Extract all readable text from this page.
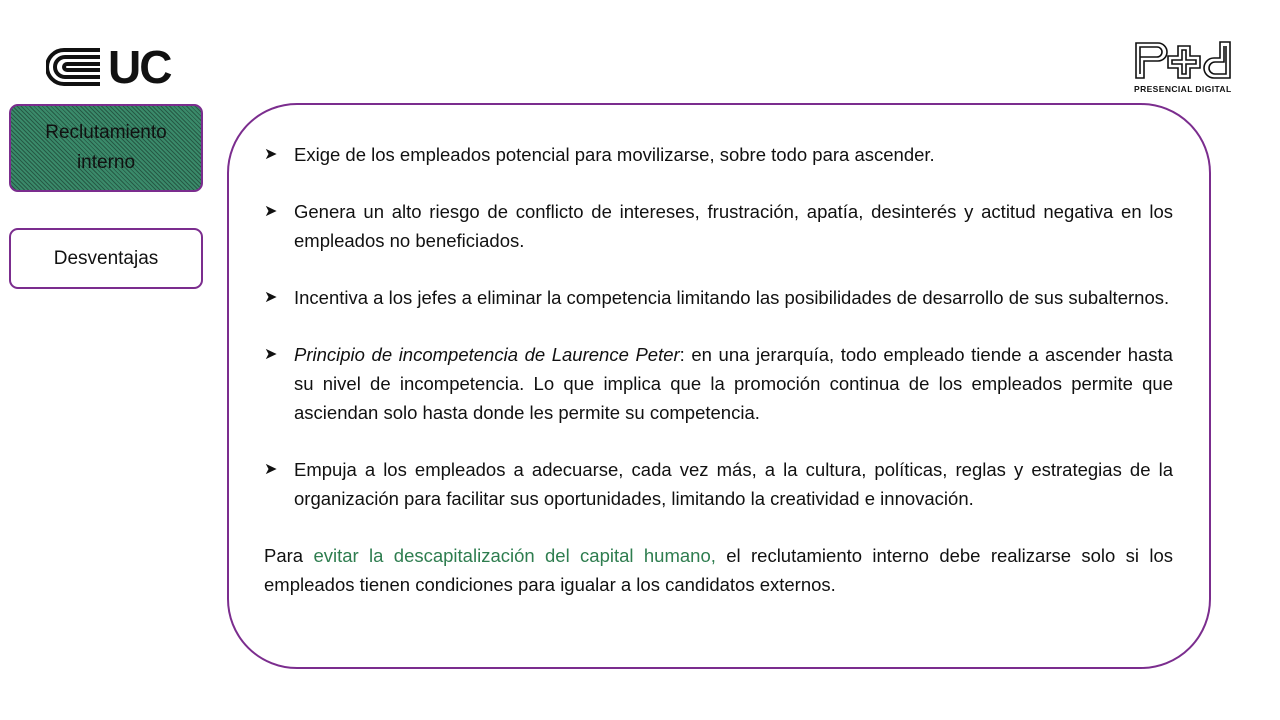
UC	PRESENCIAL DIGITAL
Reclutamiento interno
Desventajas

➤ Exige de los empleados potencial para movilizarse, sobre todo para ascender.

➤ Genera un alto riesgo de conflicto de intereses, frustración, apatía, desinterés y actitud negativa en los empleados no beneficiados.

➤ Incentiva a los jefes a eliminar la competencia limitando las posibilidades de desarrollo de sus subalternos.

➤ Principio de incompetencia de Laurence Peter: en una jerarquía, todo empleado tiende a ascender hasta su nivel de incompetencia. Lo que implica que la promoción continua de los empleados permite que asciendan solo hasta donde les permite su competencia.

➤ Empuja a los empleados a adecuarse, cada vez más, a la cultura, políticas, reglas y estrategias de la organización para facilitar sus oportunidades, limitando la creatividad e innovación.

Para evitar la descapitalización del capital humano, el reclutamiento interno debe realizarse solo si los empleados tienen condiciones para igualar a los candidatos externos.
